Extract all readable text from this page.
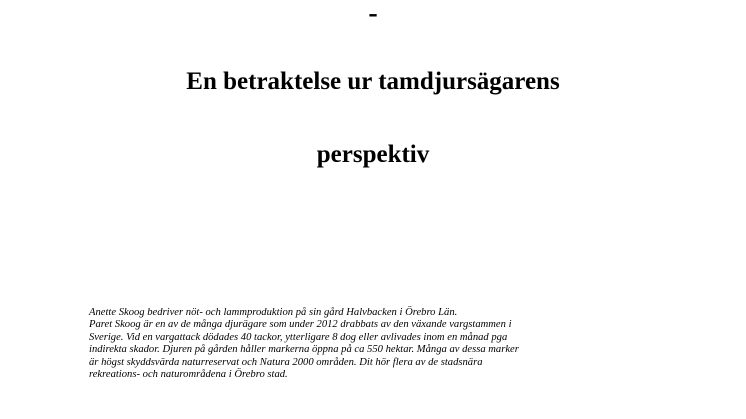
-
En betraktelse ur tamdjursägarens
perspektiv
Anette Skoog bedriver nöt- och lammproduktion på sin gård Halvbacken i Örebro Län.
Paret Skoog är en av de många djurägare som under 2012 drabbats av den växande vargstammen i
Sverige. Vid en vargattack dödades 40 tackor, ytterligare 8 dog eller avlivades inom en månad pga
indirekta skador. Djuren på gården håller markerna öppna på ca 550 hektar. Många av dessa marker
är högst skyddsvärda naturreservat och Natura 2000 områden. Dit hör flera av de stadsnära
rekreations- och naturområdena i Örebro stad.
